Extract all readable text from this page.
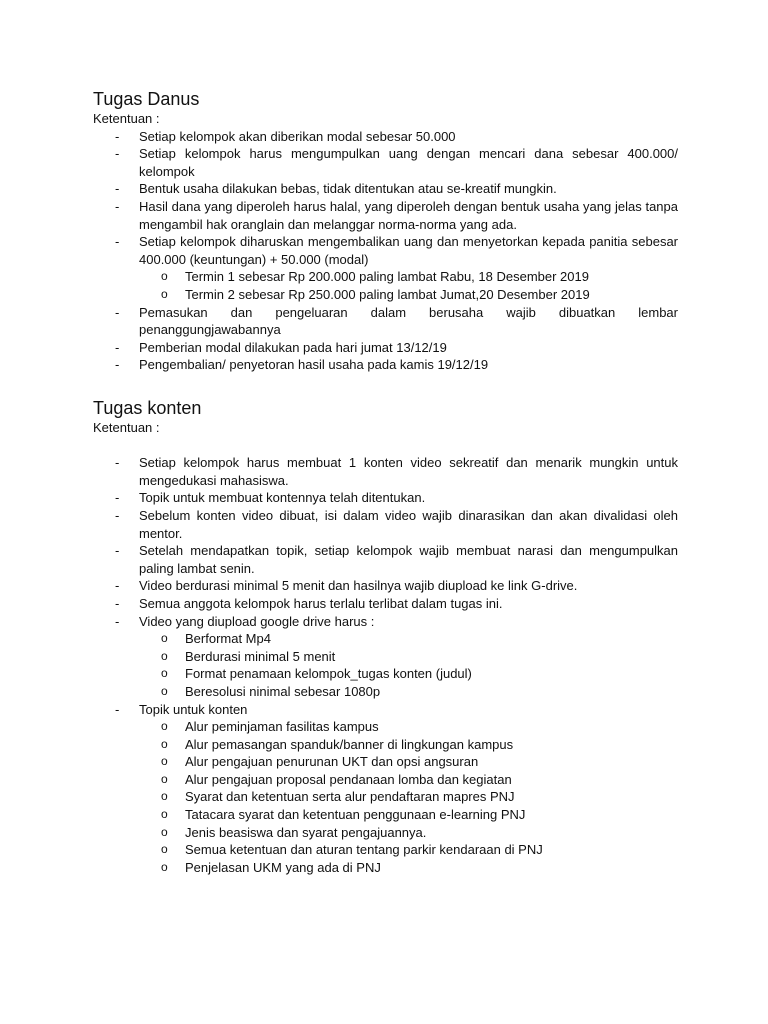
Tugas Danus

Ketentuan :

- Setiap kelompok akan diberikan modal sebesar 50.000
- Setiap kelompok harus mengumpulkan uang dengan mencari dana sebesar 400.000/ kelompok
- Bentuk usaha dilakukan bebas, tidak ditentukan atau se-kreatif mungkin.
- Hasil dana yang diperoleh harus halal, yang diperoleh dengan bentuk usaha yang jelas tanpa mengambil hak oranglain dan melanggar norma-norma yang ada.
- Setiap kelompok diharuskan mengembalikan uang dan menyetorkan kepada panitia sebesar 400.000 (keuntungan) + 50.000 (modal)
o Termin 1 sebesar Rp 200.000 paling lambat Rabu, 18 Desember 2019
o Termin 2 sebesar Rp 250.000 paling lambat Jumat,20 Desember 2019
- Pemasukan dan pengeluaran dalam berusaha wajib dibuatkan lembar penanggungjawabannya
- Pemberian modal dilakukan pada hari jumat 13/12/19
- Pengembalian/ penyetoran hasil usaha pada kamis 19/12/19
Tugas konten

Ketentuan :

- Setiap kelompok harus membuat 1 konten video sekreatif dan menarik mungkin untuk mengedukasi mahasiswa.
- Topik untuk membuat kontennya telah ditentukan.
- Sebelum konten video dibuat, isi dalam video wajib dinarasikan dan akan divalidasi oleh mentor.
- Setelah mendapatkan topik, setiap kelompok wajib membuat narasi dan mengumpulkan paling lambat senin.
- Video berdurasi minimal 5 menit dan hasilnya wajib diupload ke link G-drive.
- Semua anggota kelompok harus terlalu terlibat dalam tugas ini.
- Video yang diupload google drive harus :
o Berformat Mp4
o Berdurasi minimal 5 menit
o Format penamaan kelompok_tugas konten (judul)
o Beresolusi ninimal sebesar 1080p
- Topik untuk konten
o Alur peminjaman fasilitas kampus
o Alur pemasangan spanduk/banner di lingkungan kampus
o Alur pengajuan penurunan UKT dan opsi angsuran
o Alur pengajuan proposal pendanaan lomba dan kegiatan
o Syarat dan ketentuan serta alur pendaftaran mapres PNJ
o Tatacara syarat dan ketentuan penggunaan e-learning PNJ
o Jenis beasiswa dan syarat pengajuannya.
o Semua ketentuan dan aturan tentang parkir kendaraan di PNJ
o Penjelasan UKM yang ada di PNJ
